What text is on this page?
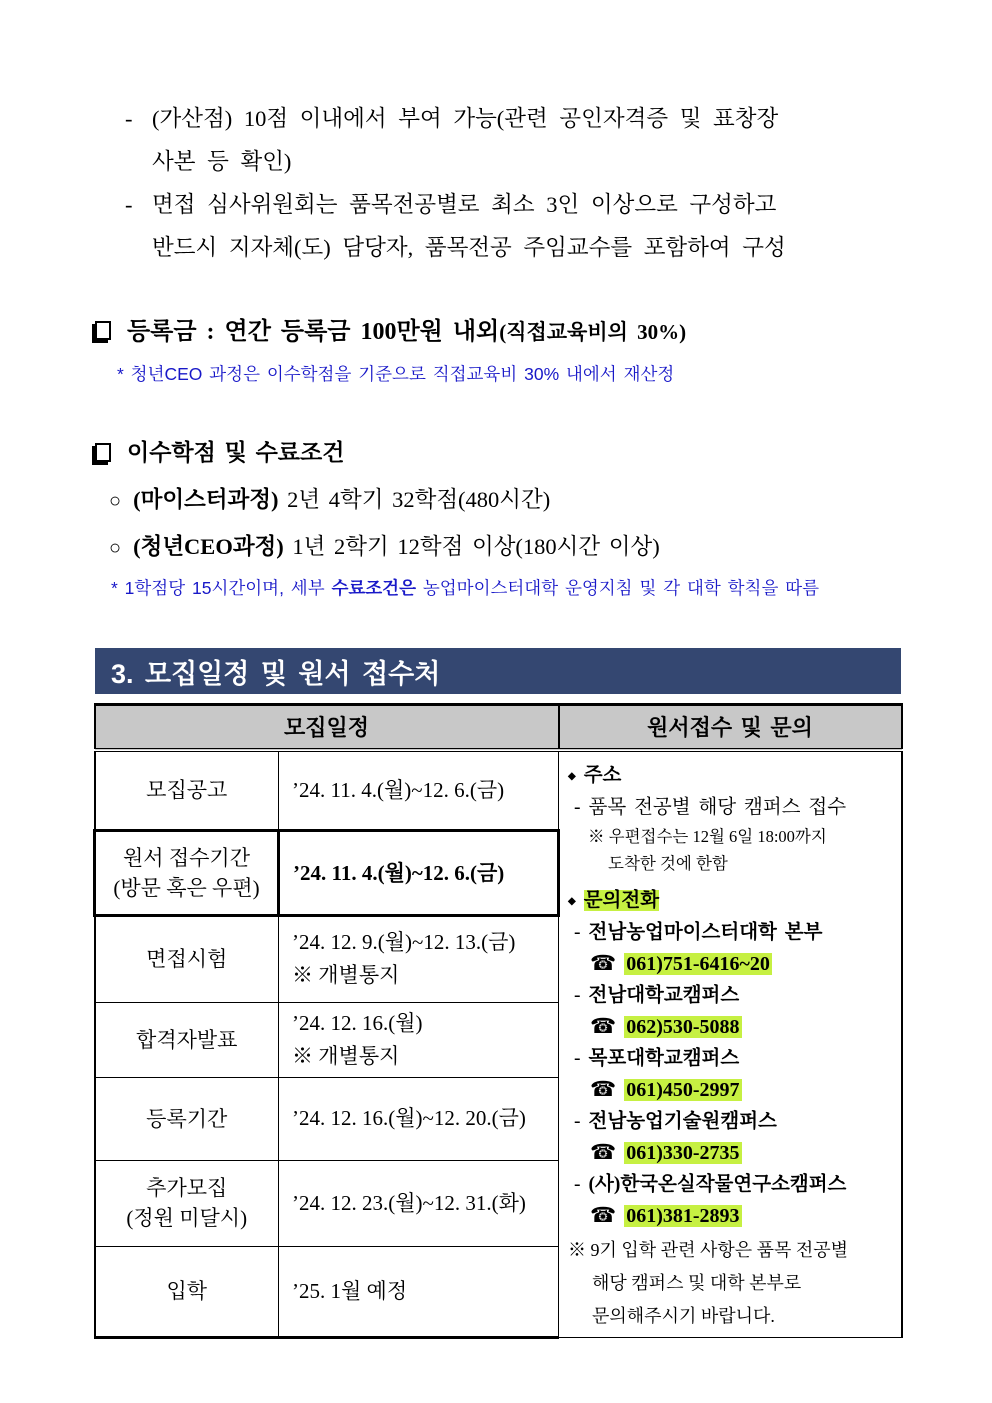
- (가산점) 10점 이내에서 부여 가능(관련 공인자격증 및 표창장
사본 등 확인)
- 면접 심사위원회는 품목전공별로 최소 3인 이상으로 구성하고
반드시 지자체(도) 담당자, 품목전공 주임교수를 포함하여 구성
등록금 : 연간 등록금 100만원 내외(직접교육비의 30%)
* 청년CEO 과정은 이수학점을 기준으로 직접교육비 30% 내에서 재산정
이수학점 및 수료조건
○ (마이스터과정) 2년 4학기 32학점(480시간)
○ (청년CEO과정) 1년 2학기 12학점 이상(180시간 이상)
* 1학점당 15시간이며, 세부 수료조건은 농업마이스터대학 운영지침 및 각 대학 학칙을 따름
3. 모집일정 및 원서 접수처
모집일정		원서접수 및 문의

모집공고	’24. 11. 4.(월)~12. 6.(금)

◆ 주소
- 품목 전공별 해당 캠퍼스 접수
※ 우편접수는 12월 6일 18:00까지
도착한 것에 한함
◆ 문의전화
- 전남농업마이스터대학 본부
☎ 061)751-6416~20
- 전남대학교캠퍼스
☎ 062)530-5088
- 목포대학교캠퍼스
☎ 061)450-2997
- 전남농업기술원캠퍼스
☎ 061)330-2735
- (사)한국온실작물연구소캠퍼스
☎ 061)381-2893
※ 9기 입학 관련 사항은 품목 전공별
해당 캠퍼스 및 대학 본부로
문의해주시기 바랍니다.

원서 접수기간
(방문 혹은 우편)	’24. 11. 4.(월)~12. 6.(금)	

면접시험	’24. 12. 9.(월)~12. 13.(금)
※ 개별통지	

합격자발표	’24. 12. 16.(월)
※ 개별통지	

등록기간	’24. 12. 16.(월)~12. 20.(금)	

추가모집
(정원 미달시)	’24. 12. 23.(월)~12. 31.(화)	

입학	’25. 1월 예정	
